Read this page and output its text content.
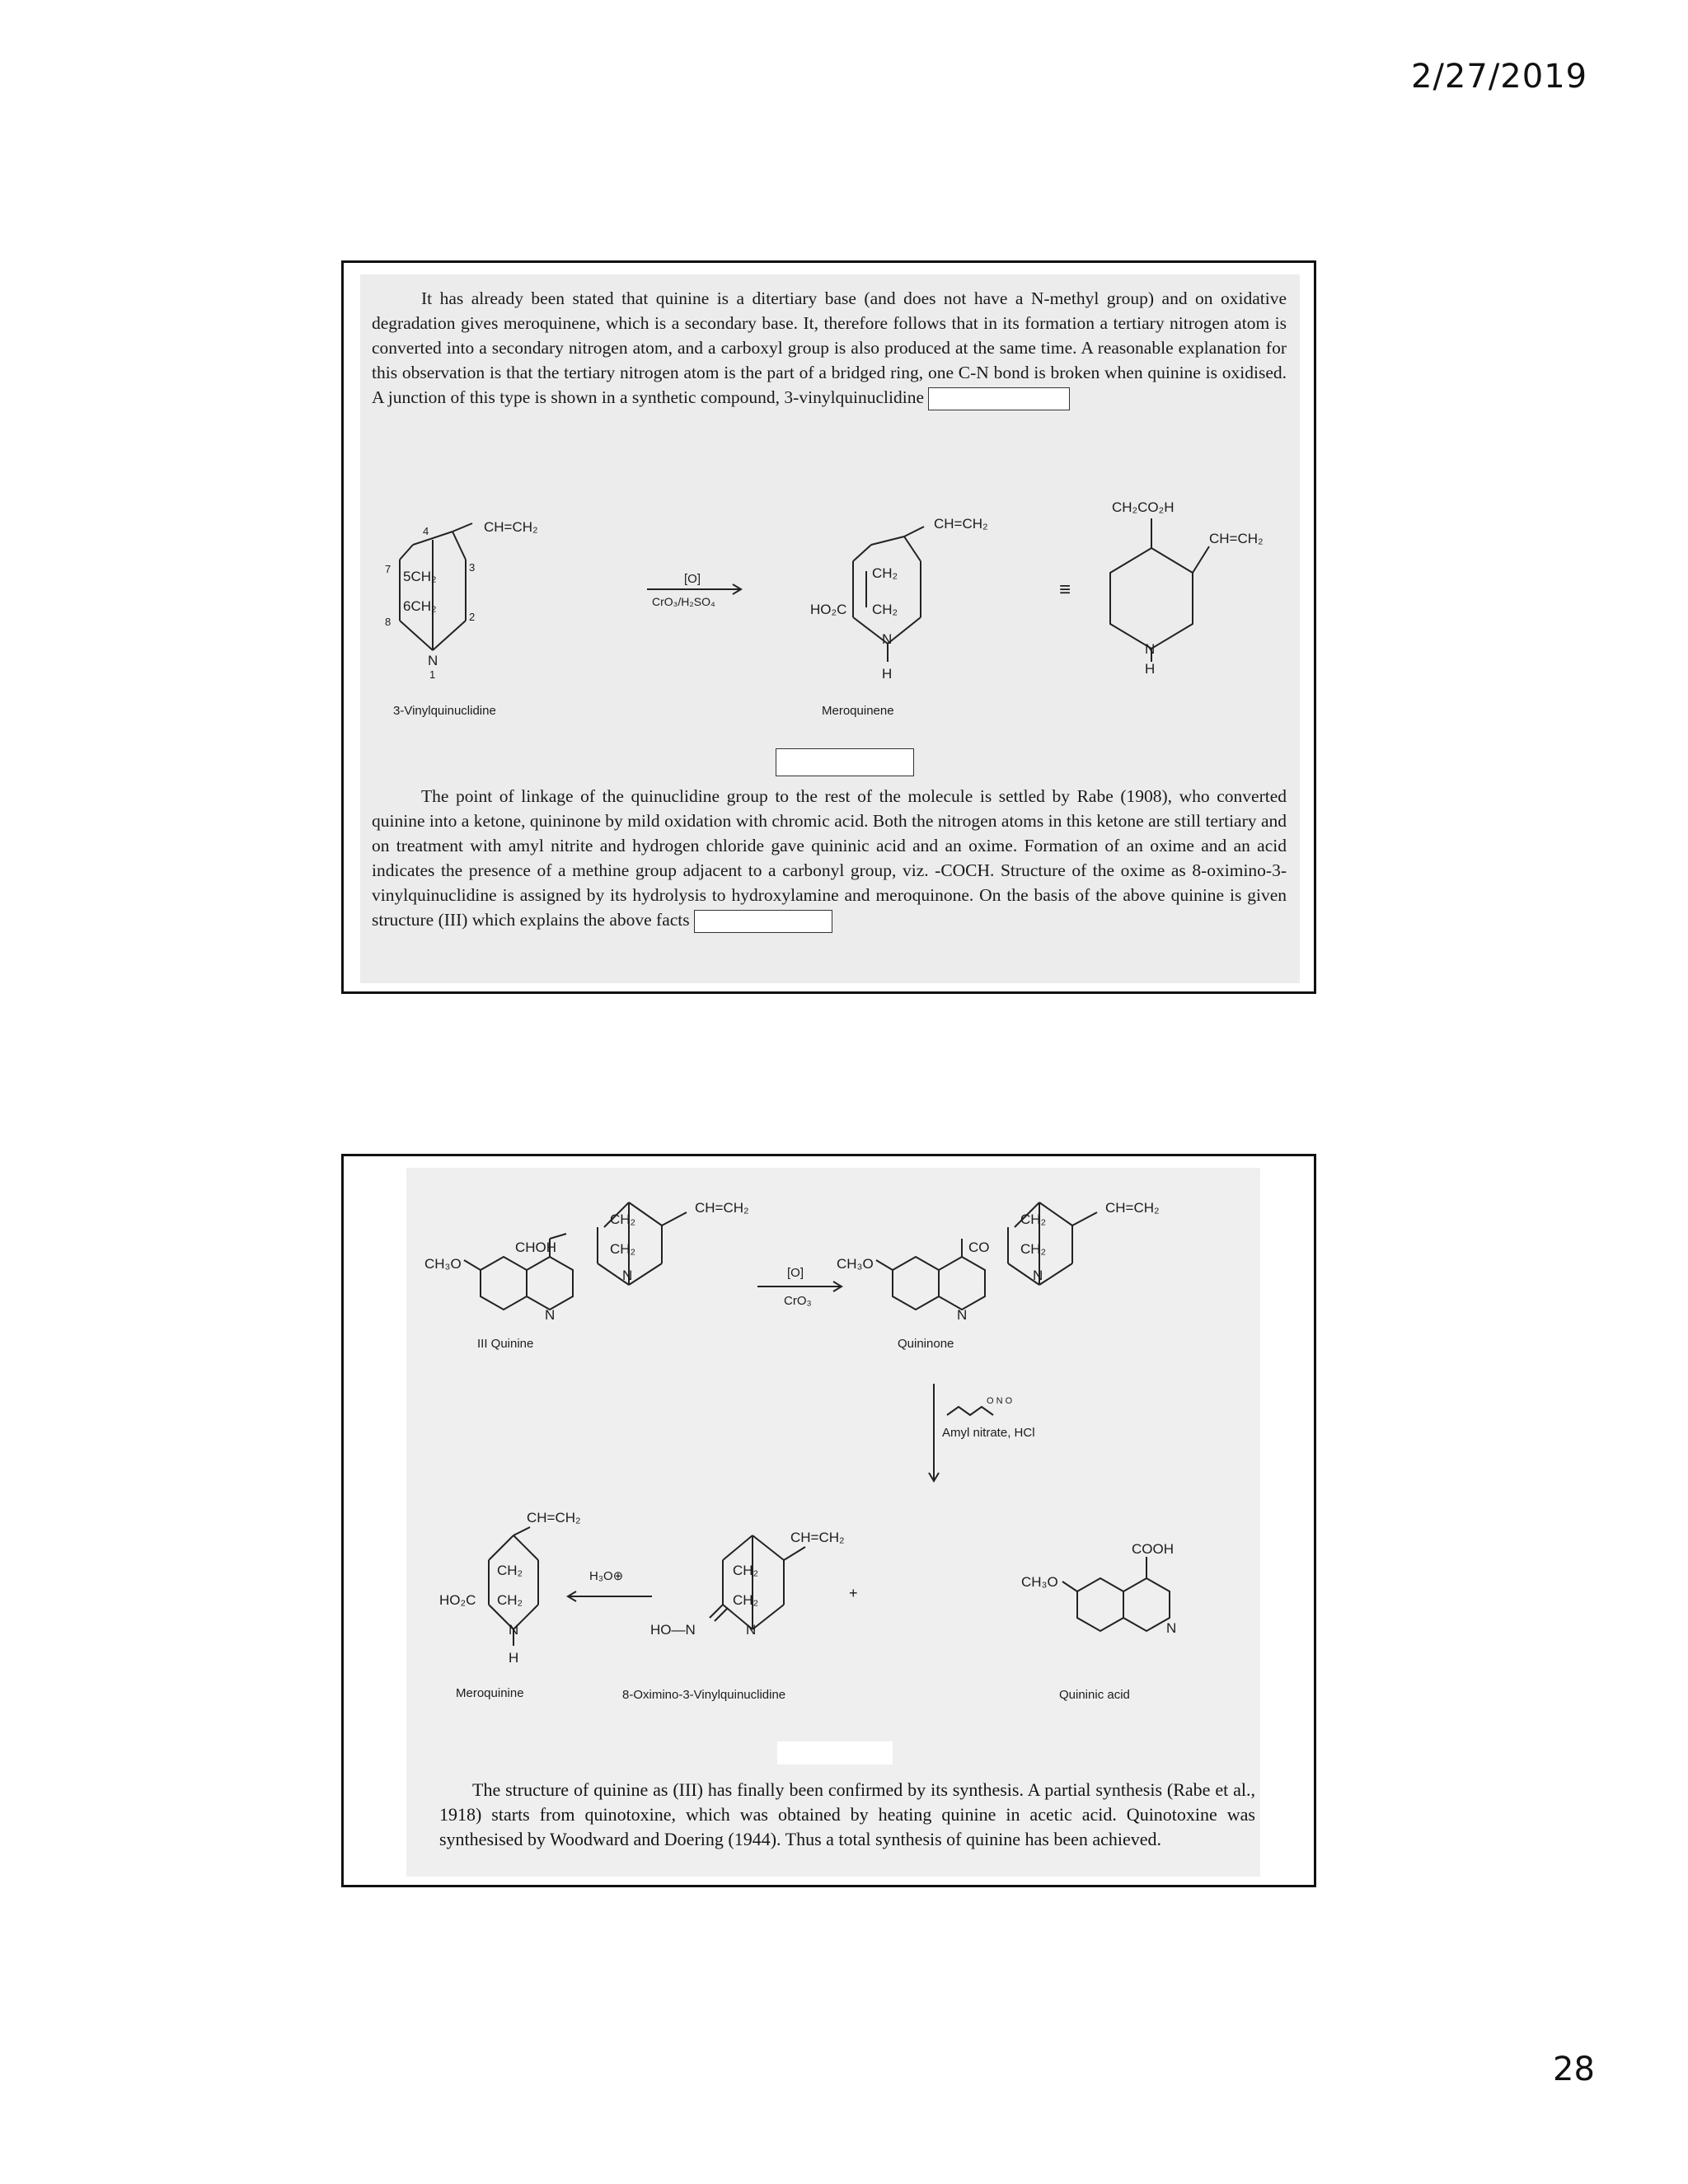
2/27/2019
It has already been stated that quinine is a ditertiary base (and does not have a N-methyl group) and on oxidative degradation gives meroquinene, which is a secondary base. It, therefore follows that in its formation a tertiary nitrogen atom is converted into a secondary nitrogen atom, and a carboxyl group is also produced at the same time. A reasonable explanation for this observation is that the tertiary nitrogen atom is the part of a bridged ring, one C-N bond is broken when quinine is oxidised. A junction of this type is shown in a synthetic compound, 3-vinylquinuclidine
CH=CH₂
5CH₂
6CH₂
N
4
7
8
3
2
1
[O]
CrO₃/H₂SO₄
CH=CH₂
CH₂
CH₂
HO₂C
N
H
≡
CH₂CO₂H
CH=CH₂
N
H
3-Vinylquinuclidine	Meroquinene
The point of linkage of the quinuclidine group to the rest of the molecule is settled by Rabe (1908), who converted quinine into a ketone, quininone by mild oxidation with chromic acid. Both the nitrogen atoms in this ketone are still tertiary and on treatment with amyl nitrite and hydrogen chloride gave quininic acid and an oxime. Formation of an oxime and an acid indicates the presence of a methine group adjacent to a carbonyl group, viz. -COCH. Structure of the oxime as 8-oximino-3-vinylquinuclidine is assigned by its hydrolysis to hydroxylamine and meroquinone. On the basis of the above quinine is given structure (III) which explains the above facts
CH=CH₂
CH₂
CH₂
CHOH
N
CH₃O
N
III Quinine
[O]
CrO₃
CH=CH₂
CH₂
CH₂
CO
N
CH₃O
N
Quininone
O N O
Amyl nitrate, HCl
H₃O⊕
CH=CH₂
CH₂
CH₂
HO₂C
N
H
Meroquinine
CH=CH₂
CH₂
CH₂
N
HO—N
8-Oximino-3-Vinylquinuclidine
+
COOH
CH₃O
N
Quininic acid
The structure of quinine as (III) has finally been confirmed by its synthesis. A partial synthesis (Rabe et al., 1918) starts from quinotoxine, which was obtained by heating quinine in acetic acid. Quinotoxine was synthesised by Woodward and Doering (1944). Thus a total synthesis of quinine has been achieved.
28
